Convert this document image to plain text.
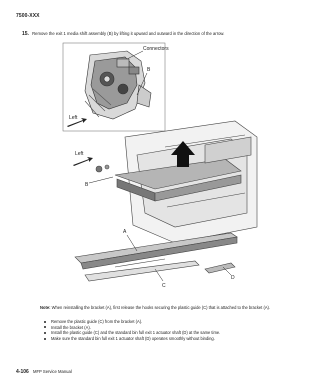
7500-XXX
15. Remove the exit 1 media shift assembly (B) by lifting it upward and outward in the direction of the arrow.
Connectors
B
Left
Left
B
A
C
D
Note: When reinstalling the bracket (A), first release the hooks securing the plastic guide (C) that is attached to the bracket (A).
Remove the plastic guide (C) from the bracket (A).
Install the bracket (A).
Install the plastic guide (C) and the standard bin full exit 1 actuator shaft (D) at the same time.
Make sure the standard bin full exit 1 actuator shaft (D) operates smoothly without binding.
4-106 MFP Service Manual
